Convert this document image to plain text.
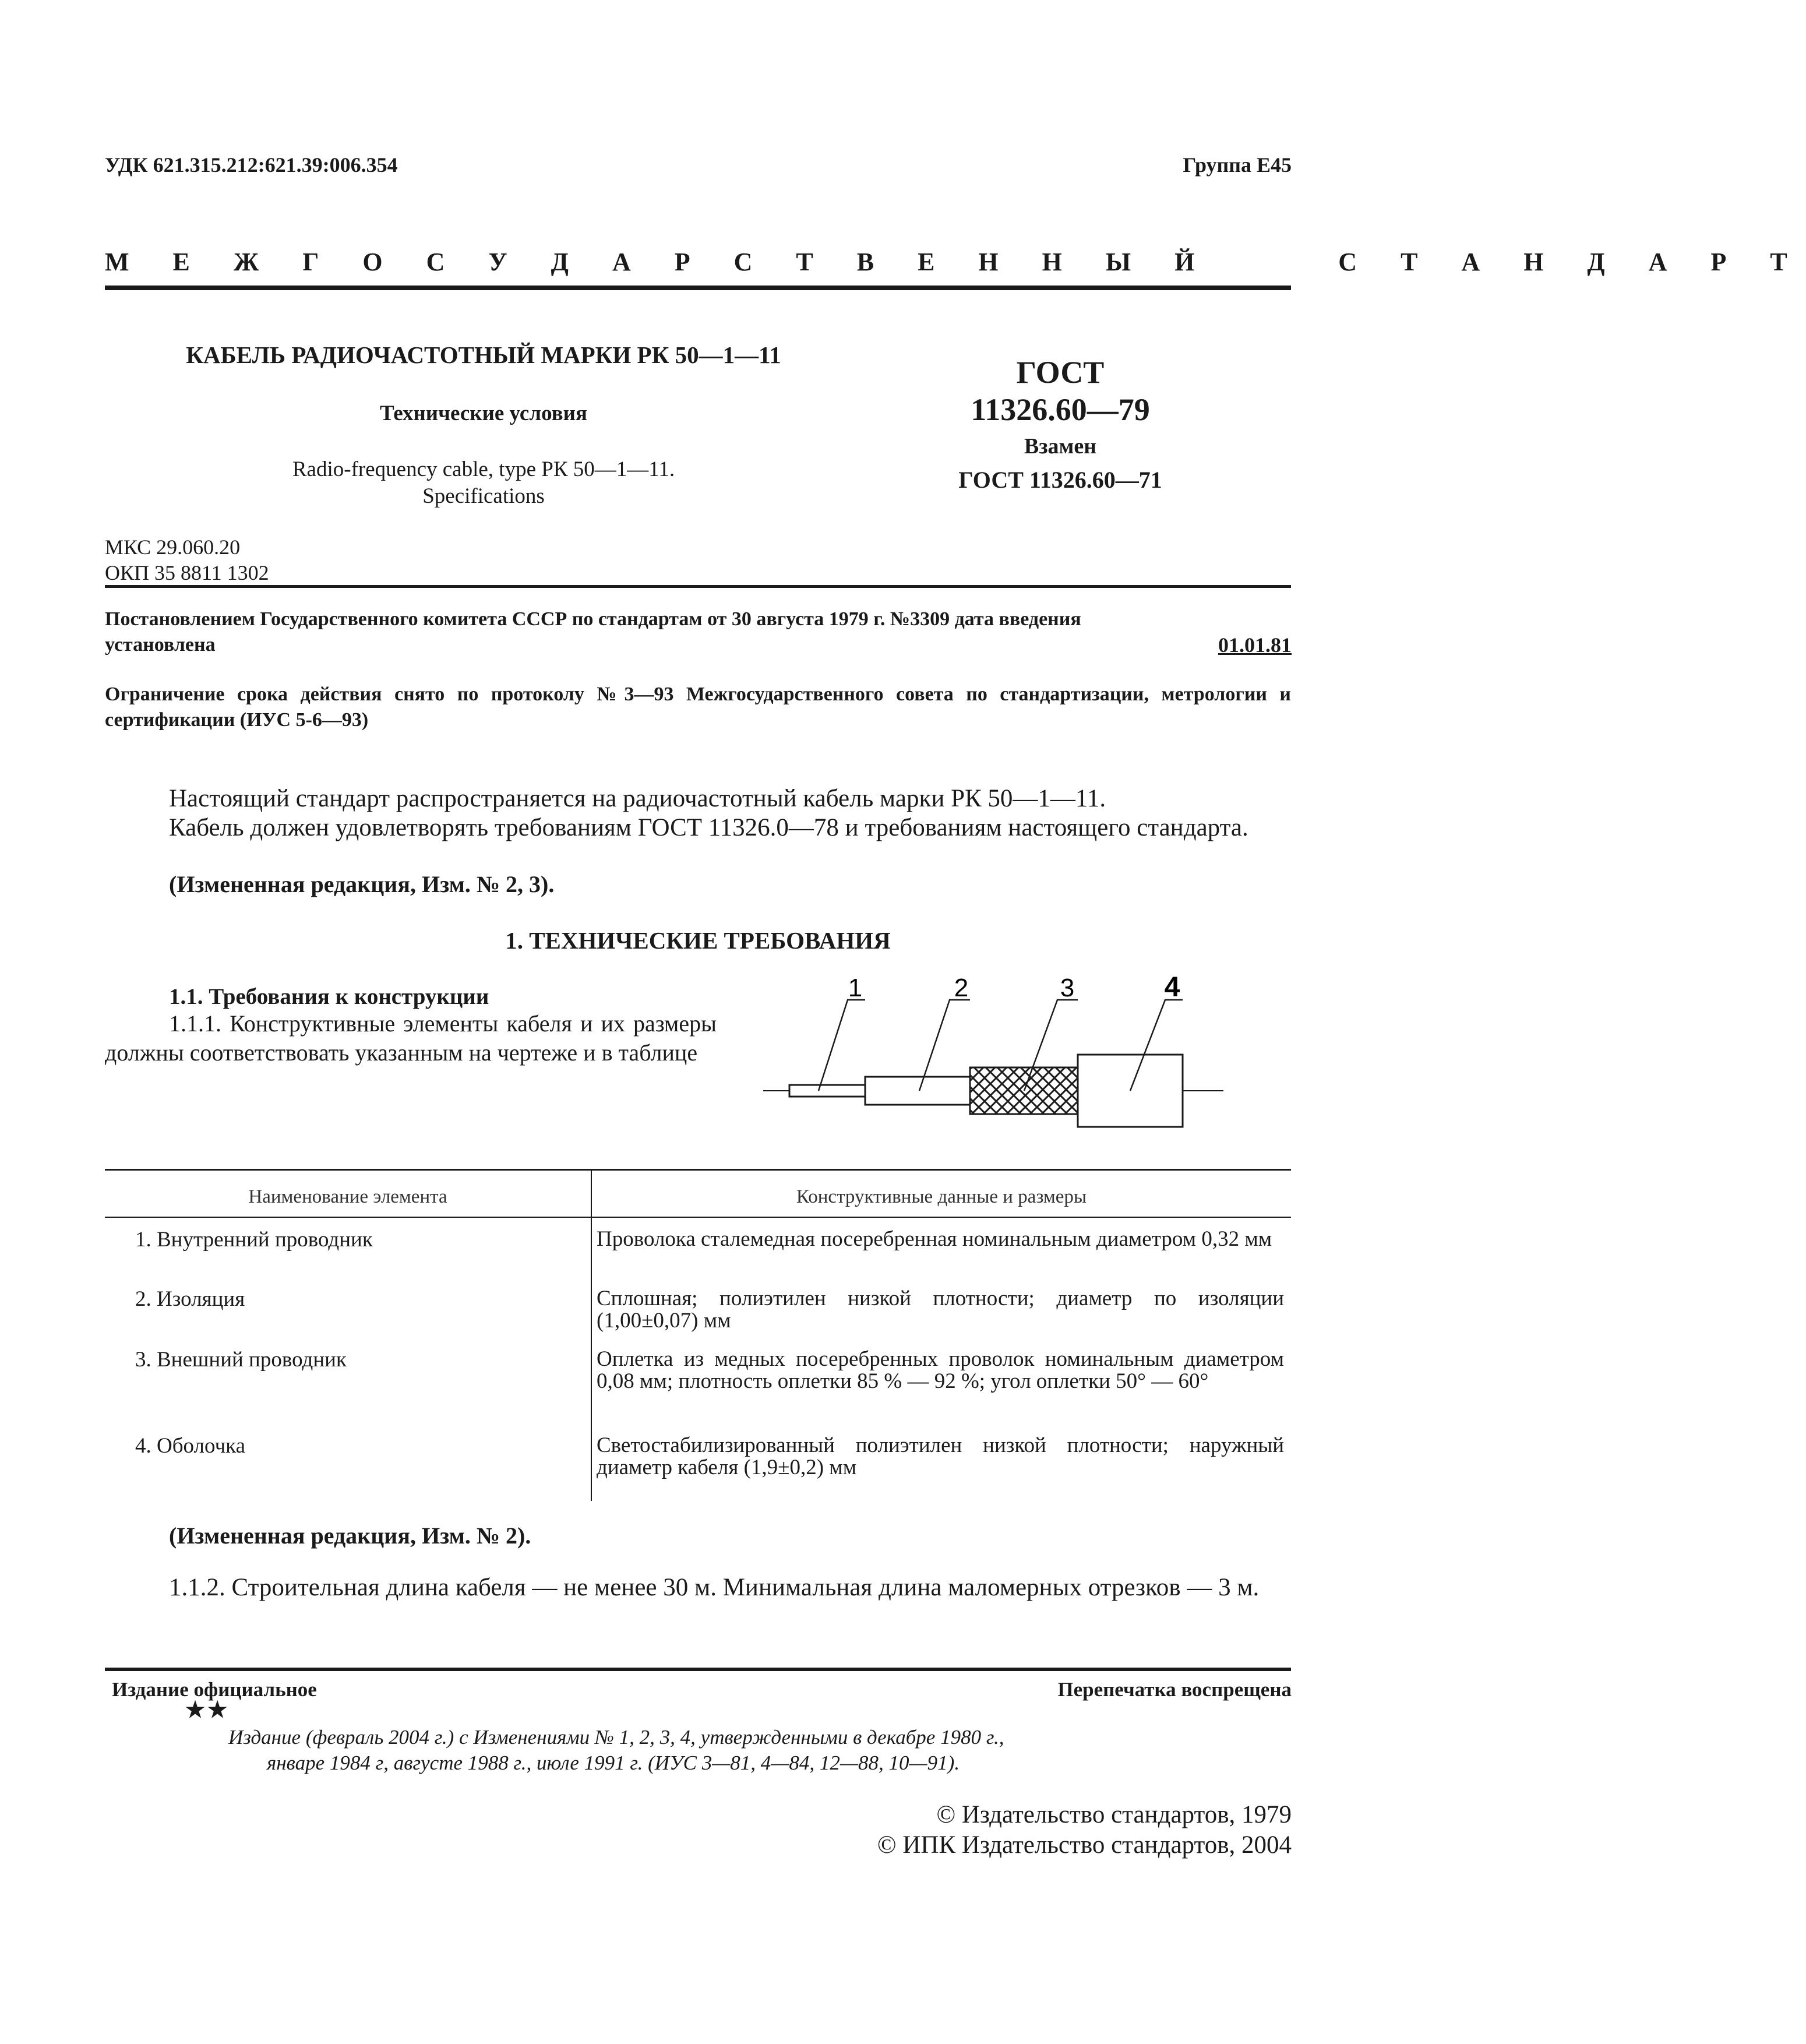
УДК 621.315.212:621.39:006.354	Группа Е45
М Е Ж Г О С У Д А Р С Т В Е Н Н Ы Й     С Т А Н Д А Р Т
КАБЕЛЬ РАДИОЧАСТОТНЫЙ МАРКИ РК 50—1—11
Технические условия
Radio-frequency cable, type РК 50—1—11.
Specifications
ГОСТ
11326.60—79
Взамен
ГОСТ 11326.60—71
МКС 29.060.20
ОКП 35 8811 1302
Постановлением Государственного комитета СССР по стандартам от 30 августа 1979 г. №3309 дата введения
установлена	01.01.81
Ограничение срока действия снято по протоколу №3—93 Межгосударственного совета по стандартизации, метрологии и сертификации (ИУС 5-6—93)
Настоящий стандарт распространяется на радиочастотный кабель марки РК 50—1—11.
Кабель должен удовлетворять требованиям ГОСТ 11326.0—78 и требованиям настоящего стандарта.
(Измененная редакция, Изм. № 2, 3).
1. ТЕХНИЧЕСКИЕ ТРЕБОВАНИЯ
1.1. Требования к конструкции
1.1.1. Конструктивные элементы кабеля и их размеры должны соответствовать указанным на чертеже и в таблице
1	2	3	4
Наименование элемента	Конструктивные данные и размеры
1. Внутренний проводник	Проволока сталемедная посеребренная номинальным диаметром 0,32 мм
2. Изоляция	Сплошная; полиэтилен низкой плотности; диаметр по изоляции (1,00±0,07) мм
3. Внешний проводник	Оплетка из медных посеребренных проволок номинальным диаметром 0,08 мм; плотность оплетки 85 % — 92 %; угол оплетки 50° — 60°
4. Оболочка	Светостабилизированный полиэтилен низкой плотности; наружный диаметр кабеля (1,9±0,2) мм
(Измененная редакция, Изм. № 2).
1.1.2. Строительная длина кабеля — не менее 30 м. Минимальная длина маломерных отрезков — 3 м.
Издание официальное	Перепечатка воспрещена
★★
Издание (февраль 2004 г.) с Изменениями № 1, 2, 3, 4, утвержденными в декабре 1980 г.,
январе 1984 г, августе 1988 г., июле 1991 г. (ИУС 3—81, 4—84, 12—88, 10—91).
© Издательство стандартов, 1979
© ИПК Издательство стандартов, 2004
